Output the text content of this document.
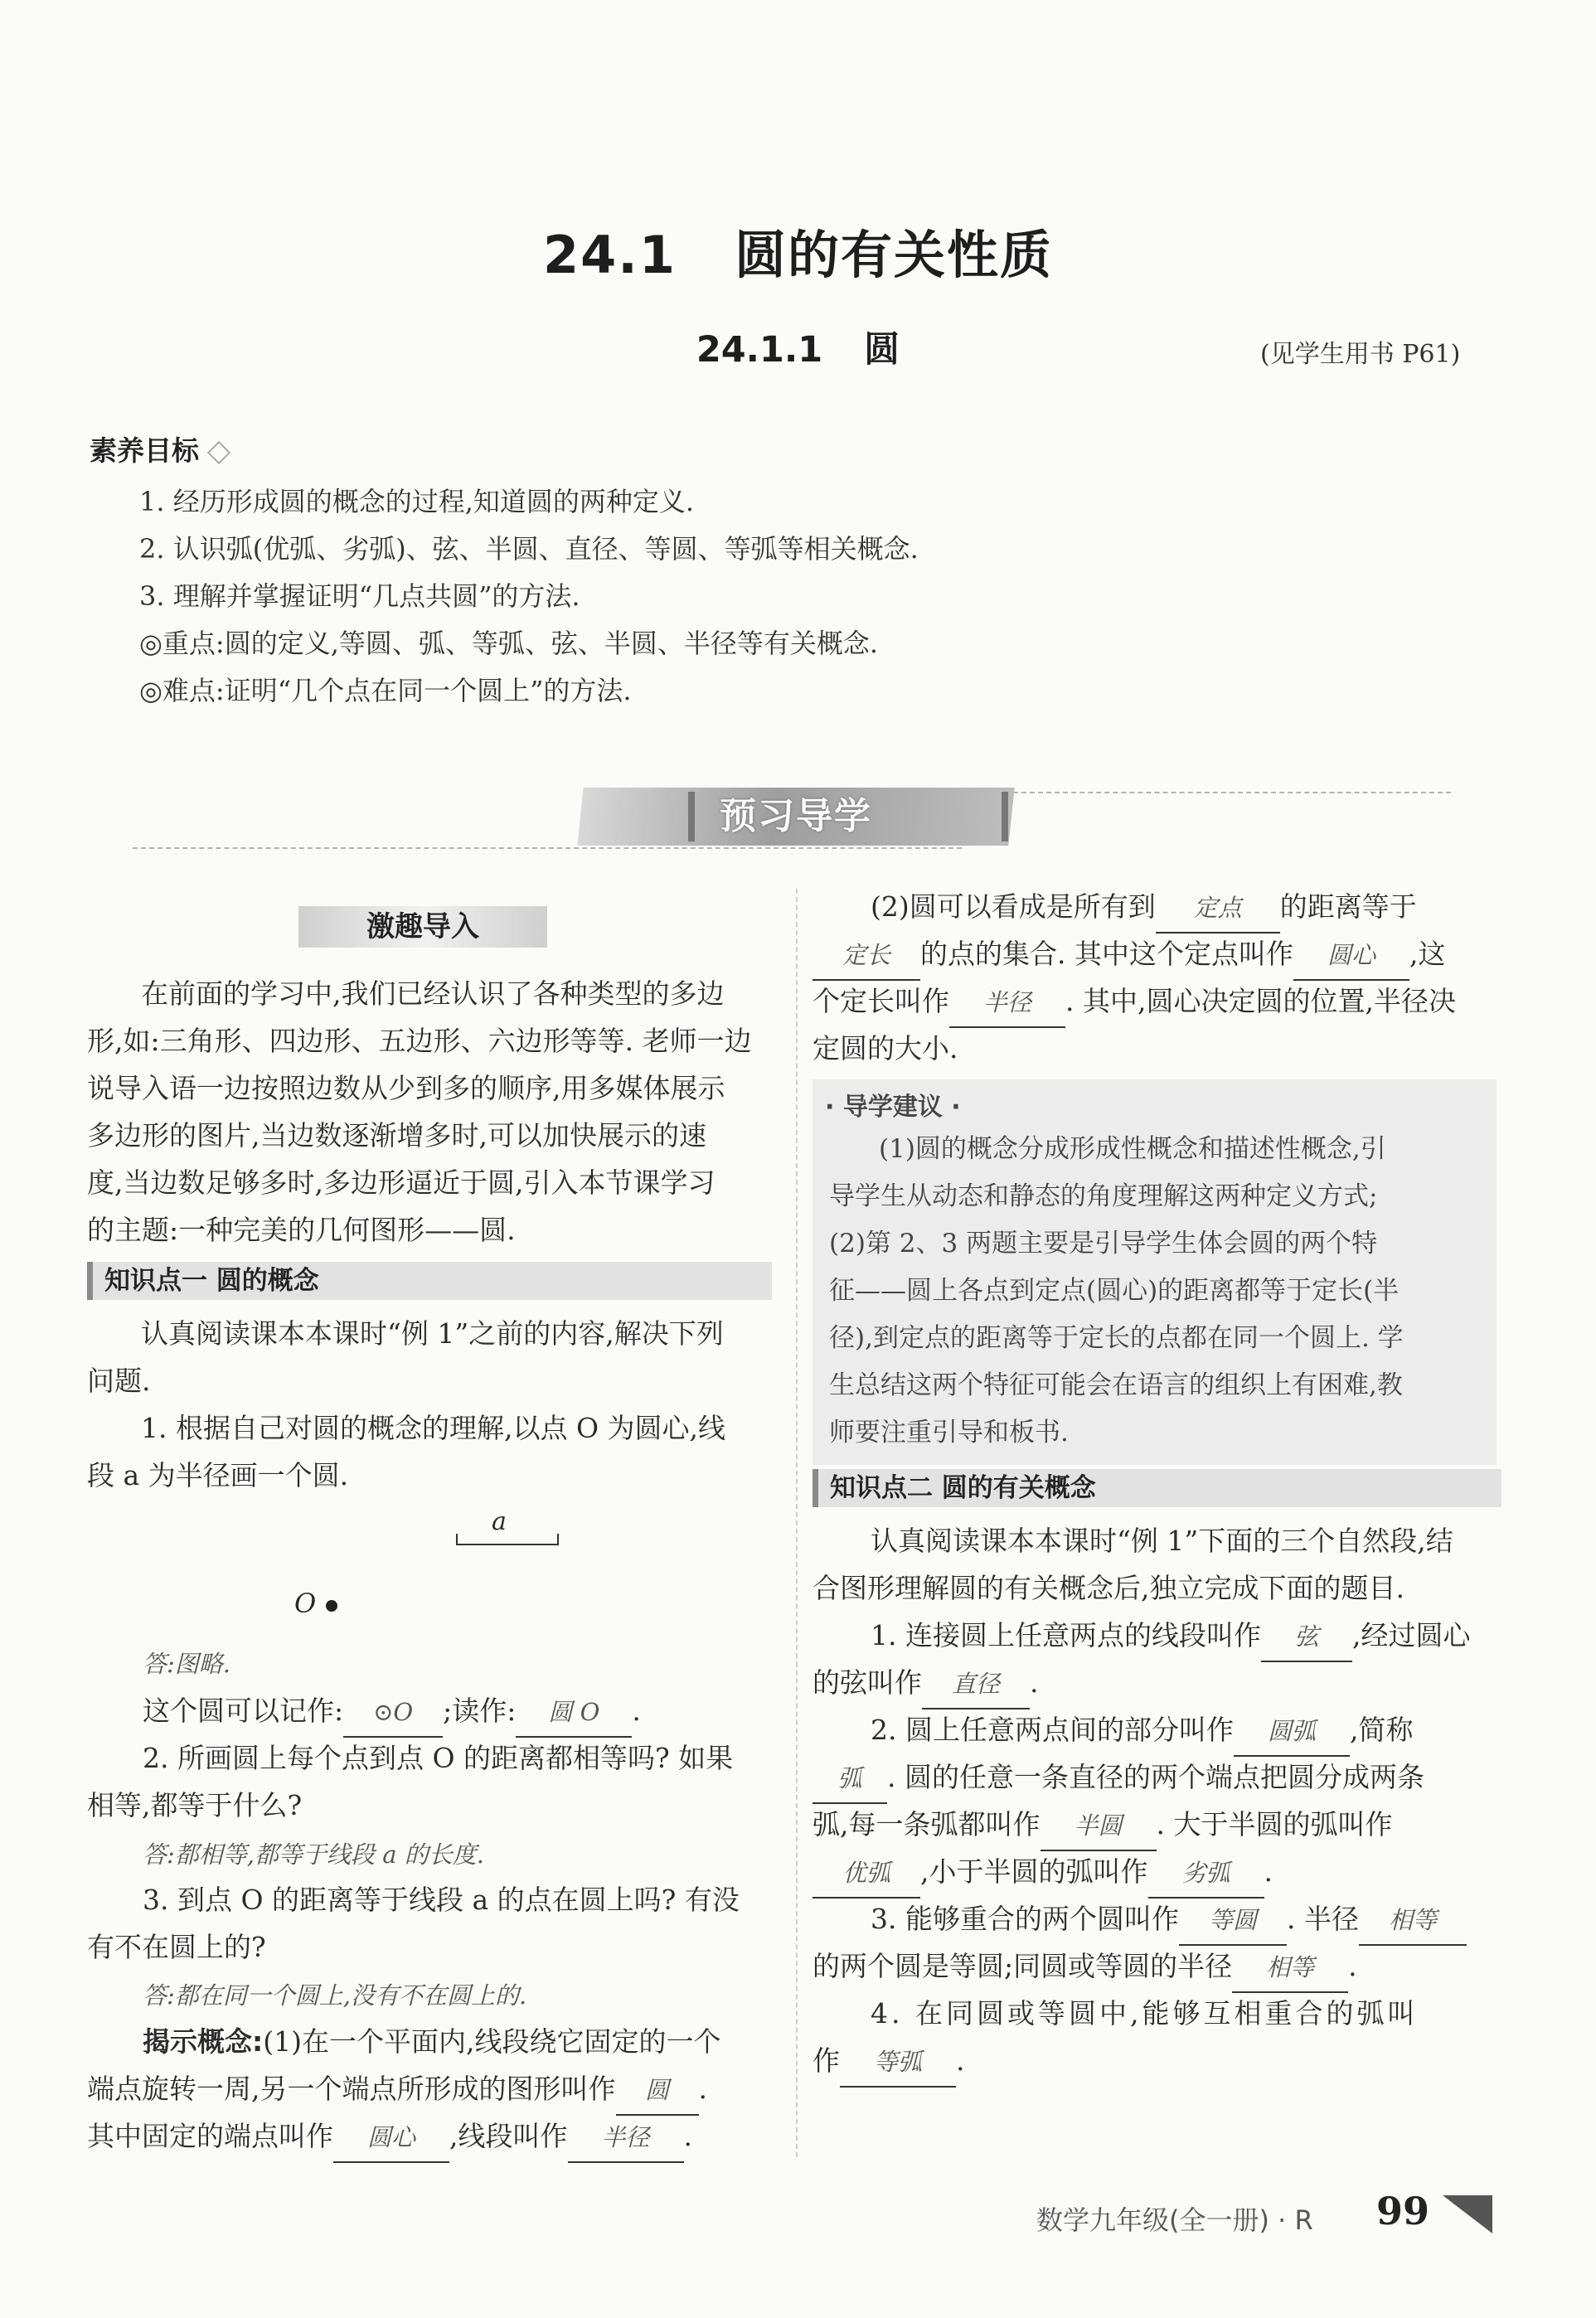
24.1 圆的有关性质
24.1.1 圆	(见学生用书 P61)
素养目标
1. 经历形成圆的概念的过程,知道圆的两种定义.
2. 认识弧(优弧、劣弧)、弦、半圆、直径、等圆、等弧等相关概念.
3. 理解并掌握证明“几点共圆”的方法.
◎重点:圆的定义,等圆、弧、等弧、弦、半圆、半径等有关概念.
◎难点:证明“几个点在同一个圆上”的方法.
预习导学
激趣导入
在前面的学习中,我们已经认识了各种类型的多边
形,如:三角形、四边形、五边形、六边形等等. 老师一边
说导入语一边按照边数从少到多的顺序,用多媒体展示
多边形的图片,当边数逐渐增多时,可以加快展示的速
度,当边数足够多时,多边形逼近于圆,引入本节课学习
的主题:一种完美的几何图形——圆.
知识点一 圆的概念
认真阅读课本本课时“例 1”之前的内容,解决下列
问题.
1. 根据自己对圆的概念的理解,以点 O 为圆心,线
段 a 为半径画一个圆.
a
O
答:图略.
这个圆可以记作: ⊙O ;读作: 圆 O .
2. 所画圆上每个点到点 O 的距离都相等吗? 如果
相等,都等于什么?
答:都相等,都等于线段 a 的长度.
3. 到点 O 的距离等于线段 a 的点在圆上吗? 有没
有不在圆上的?
答:都在同一个圆上,没有不在圆上的.
揭示概念:(1)在一个平面内,线段绕它固定的一个
端点旋转一周,另一个端点所形成的图形叫作 圆 .
其中固定的端点叫作 圆心 ,线段叫作 半径 .
(2)圆可以看成是所有到 定点 的距离等于
定长 的点的集合. 其中这个定点叫作 圆心 ,这
个定长叫作 半径 . 其中,圆心决定圆的位置,半径决
定圆的大小.
· 导学建议 ·
(1)圆的概念分成形成性概念和描述性概念,引
导学生从动态和静态的角度理解这两种定义方式;
(2)第 2、3 两题主要是引导学生体会圆的两个特
征——圆上各点到定点(圆心)的距离都等于定长(半
径),到定点的距离等于定长的点都在同一个圆上. 学
生总结这两个特征可能会在语言的组织上有困难,教
师要注重引导和板书.
知识点二 圆的有关概念
认真阅读课本本课时“例 1”下面的三个自然段,结
合图形理解圆的有关概念后,独立完成下面的题目.
1. 连接圆上任意两点的线段叫作 弦 ,经过圆心
的弦叫作 直径 .
2. 圆上任意两点间的部分叫作 圆弧 ,简称
弧 . 圆的任意一条直径的两个端点把圆分成两条
弧,每一条弧都叫作 半圆 . 大于半圆的弧叫作
优弧 ,小于半圆的弧叫作 劣弧 .
3. 能够重合的两个圆叫作 等圆 . 半径 相等
的两个圆是等圆;同圆或等圆的半径 相等 .
4. 在同圆或等圆中,能够互相重合的弧叫
作 等弧 .
数学九年级(全一册) · R 99
